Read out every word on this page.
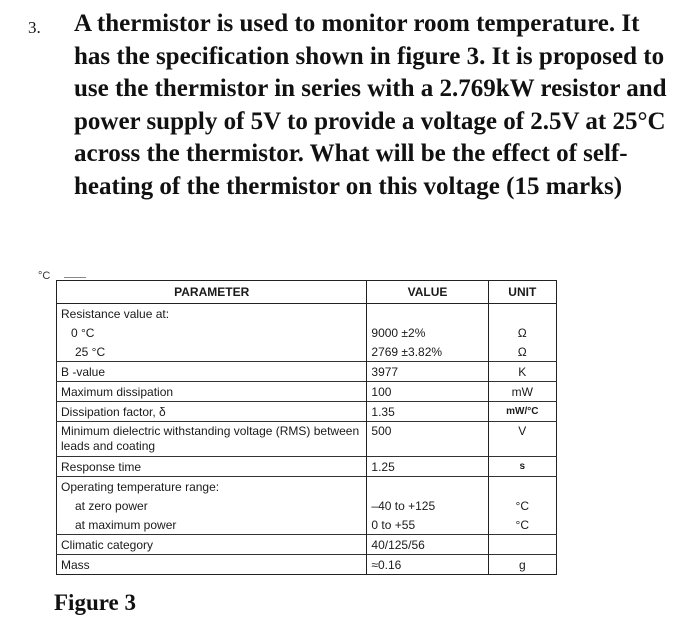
3. A thermistor is used to monitor room temperature. It has the specification shown in figure 3. It is proposed to use the thermistor in series with a 2.769kW resistor and power supply of 5V to provide a voltage of 2.5V at 25°C across the thermistor. What will be the effect of self-heating of the thermistor on this voltage (15 marks)
°C
PARAMETER	VALUE	UNIT
Resistance value at:		
0 °C	9000 ±2%	Ω
25 °C	2769 ±3.82%	Ω
B -value	3977	K
Maximum dissipation	100	mW
Dissipation factor, δ	1.35	mW/°C
Minimum dielectric withstanding voltage (RMS) between leads and coating	500	V
Response time	1.25	s
Operating temperature range:		
at zero power	–40 to +125	°C
at maximum power	0 to +55	°C
Climatic category	40/125/56	
Mass	≈0.16	g
Figure 3
